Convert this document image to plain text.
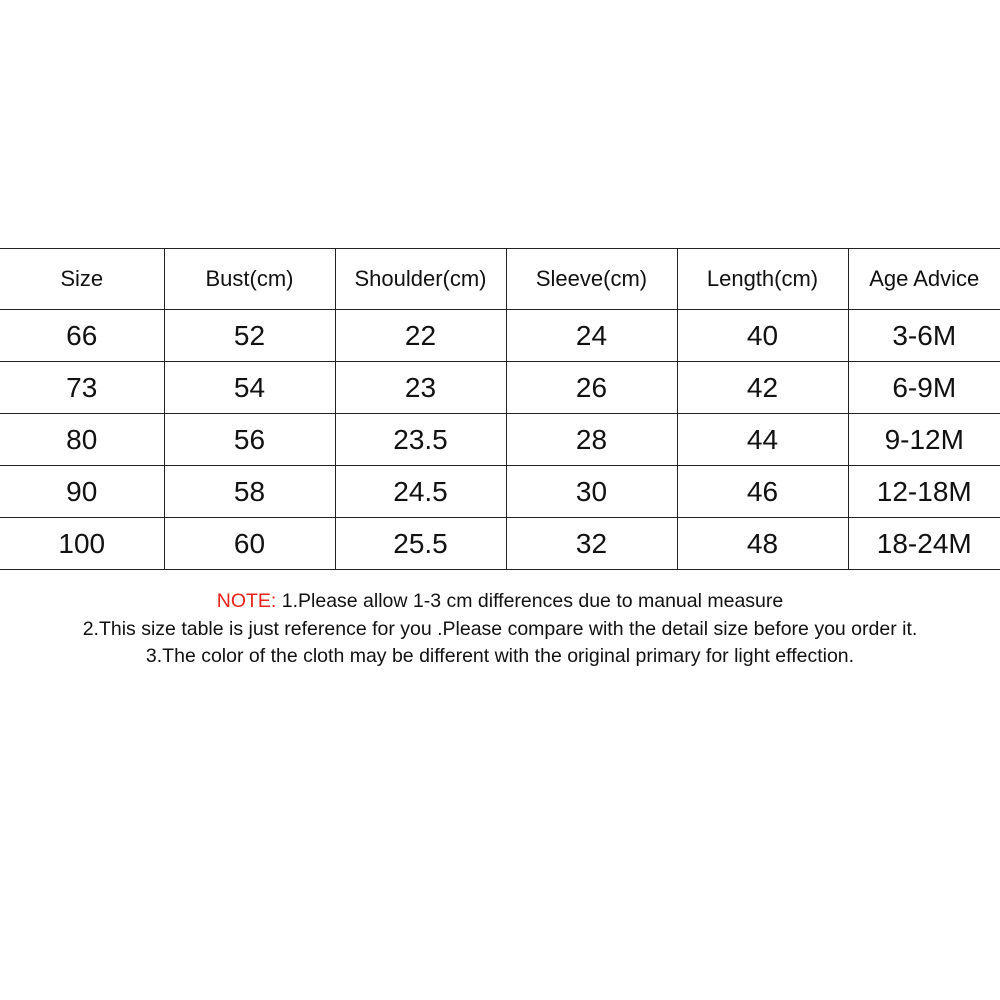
Size	Bust(cm)	Shoulder(cm)	Sleeve(cm)	Length(cm)	Age Advice
66	52	22	24	40	3-6M
73	54	23	26	42	6-9M
80	56	23.5	28	44	9-12M
90	58	24.5	30	46	12-18M
100	60	25.5	32	48	18-24M
NOTE: 1.Please allow 1-3 cm differences due to manual measure
2.This size table is just reference for you .Please compare with the detail size before you order it.
3.The color of the cloth may be different with the original primary for light effection.
